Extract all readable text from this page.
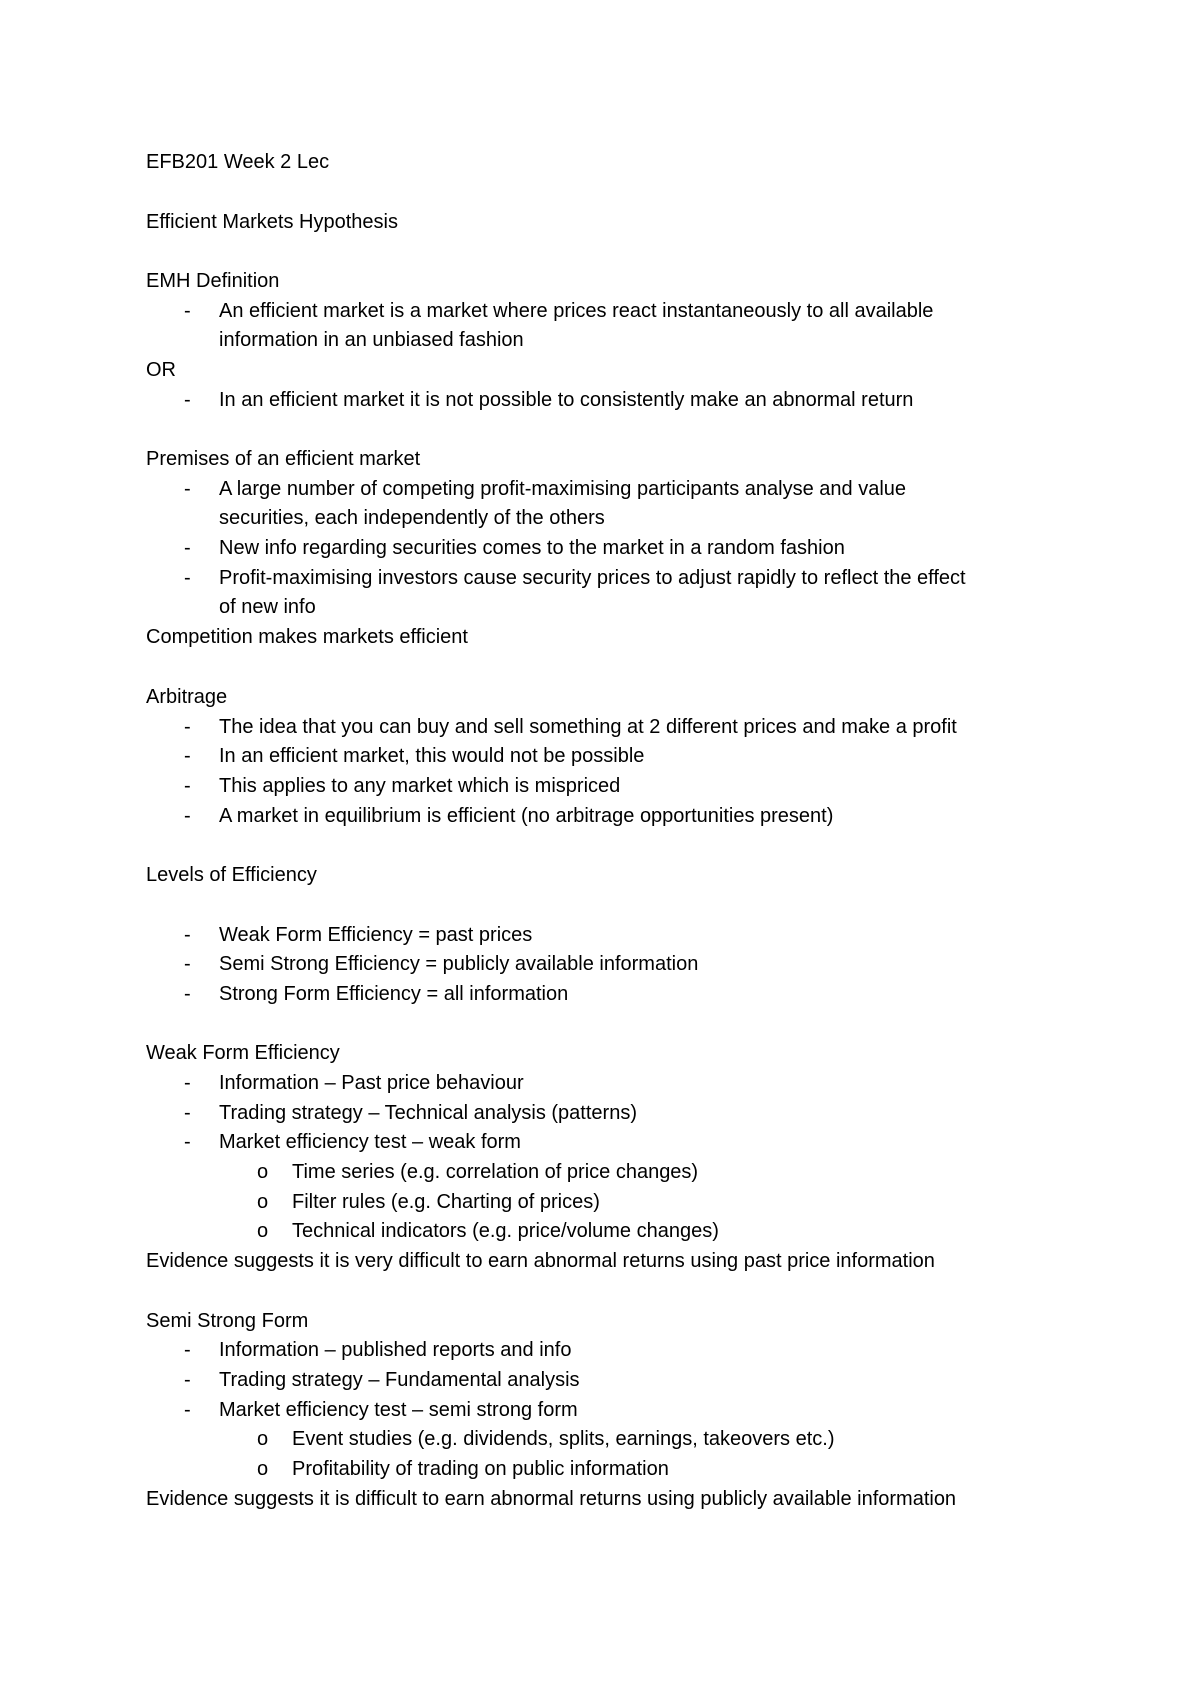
EFB201 Week 2 Lec
Efficient Markets Hypothesis
EMH Definition
- An efficient market is a market where prices react instantaneously to all available
information in an unbiased fashion
OR
- In an efficient market it is not possible to consistently make an abnormal return
Premises of an efficient market
- A large number of competing profit-maximising participants analyse and value
securities, each independently of the others
- New info regarding securities comes to the market in a random fashion
- Profit-maximising investors cause security prices to adjust rapidly to reflect the effect
of new info
Competition makes markets efficient
Arbitrage
- The idea that you can buy and sell something at 2 different prices and make a profit
- In an efficient market, this would not be possible
- This applies to any market which is mispriced
- A market in equilibrium is efficient (no arbitrage opportunities present)
Levels of Efficiency
- Weak Form Efficiency = past prices
- Semi Strong Efficiency = publicly available information
- Strong Form Efficiency = all information
Weak Form Efficiency
- Information – Past price behaviour
- Trading strategy – Technical analysis (patterns)
- Market efficiency test – weak form
o Time series (e.g. correlation of price changes)
o Filter rules (e.g. Charting of prices)
o Technical indicators (e.g. price/volume changes)
Evidence suggests it is very difficult to earn abnormal returns using past price information
Semi Strong Form
- Information – published reports and info
- Trading strategy – Fundamental analysis
- Market efficiency test – semi strong form
o Event studies (e.g. dividends, splits, earnings, takeovers etc.)
o Profitability of trading on public information
Evidence suggests it is difficult to earn abnormal returns using publicly available information
